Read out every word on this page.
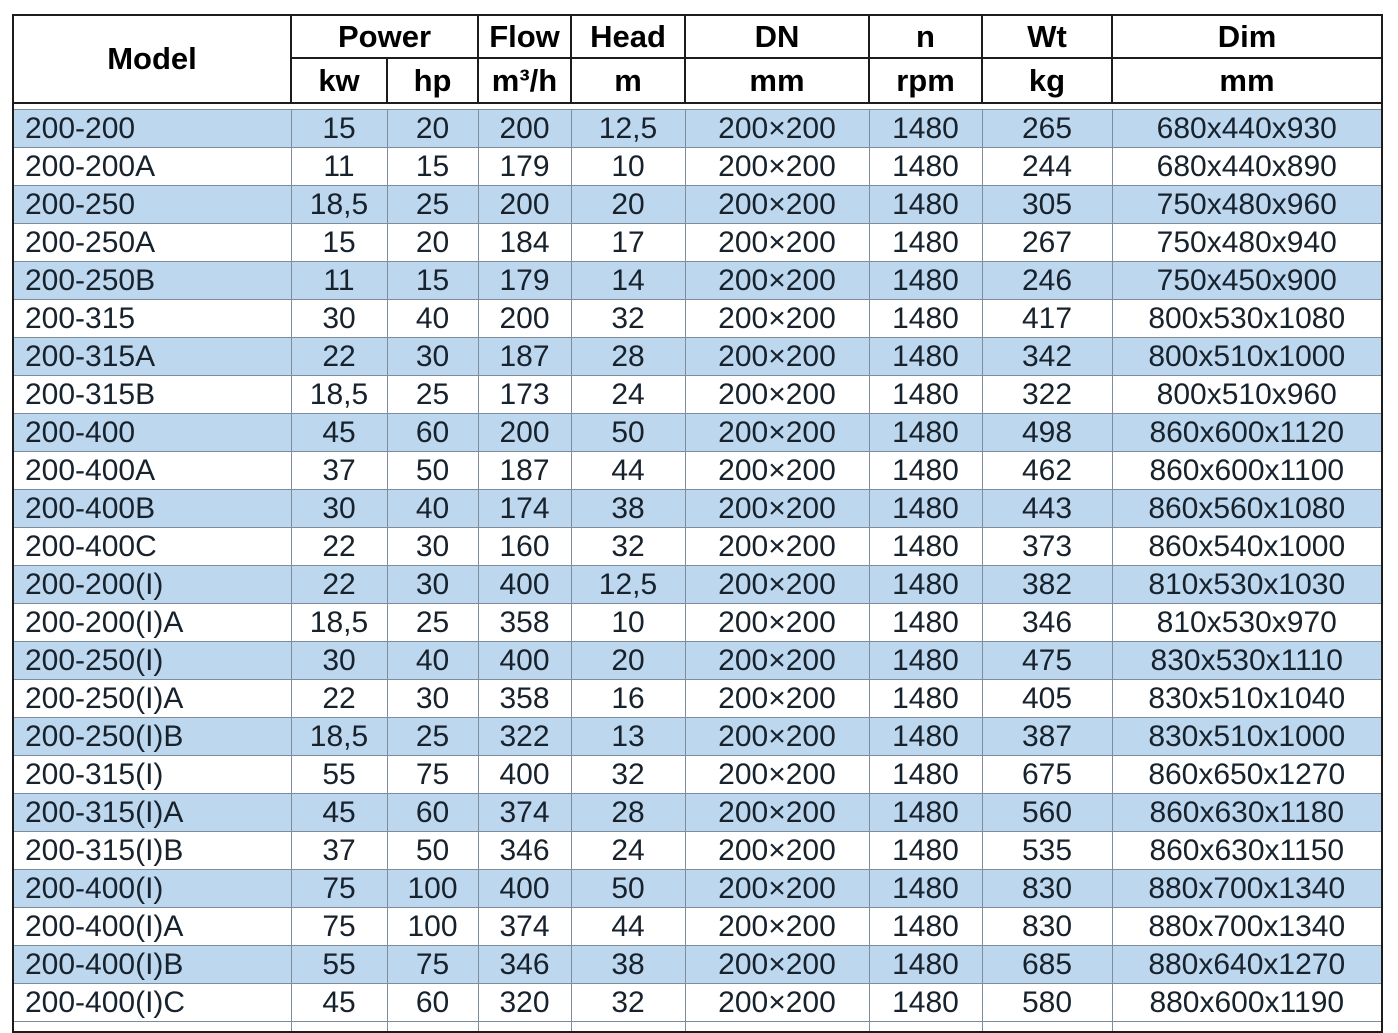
Model	Power		Flow	Head	DN	n	Wt	Dim
	kw	hp	m³/h	m	mm	rpm	kg	mm

200-200	15	20	200	12,5	200×200	1480	265	680x440x930
200-200A	11	15	179	10	200×200	1480	244	680x440x890
200-250	18,5	25	200	20	200×200	1480	305	750x480x960
200-250A	15	20	184	17	200×200	1480	267	750x480x940
200-250B	11	15	179	14	200×200	1480	246	750x450x900
200-315	30	40	200	32	200×200	1480	417	800x530x1080
200-315A	22	30	187	28	200×200	1480	342	800x510x1000
200-315B	18,5	25	173	24	200×200	1480	322	800x510x960
200-400	45	60	200	50	200×200	1480	498	860x600x1120
200-400A	37	50	187	44	200×200	1480	462	860x600x1100
200-400B	30	40	174	38	200×200	1480	443	860x560x1080
200-400C	22	30	160	32	200×200	1480	373	860x540x1000
200-200(I)	22	30	400	12,5	200×200	1480	382	810x530x1030
200-200(I)A	18,5	25	358	10	200×200	1480	346	810x530x970
200-250(I)	30	40	400	20	200×200	1480	475	830x530x1110
200-250(I)A	22	30	358	16	200×200	1480	405	830x510x1040
200-250(I)B	18,5	25	322	13	200×200	1480	387	830x510x1000
200-315(I)	55	75	400	32	200×200	1480	675	860x650x1270
200-315(I)A	45	60	374	28	200×200	1480	560	860x630x1180
200-315(I)B	37	50	346	24	200×200	1480	535	860x630x1150
200-400(I)	75	100	400	50	200×200	1480	830	880x700x1340
200-400(I)A	75	100	374	44	200×200	1480	830	880x700x1340
200-400(I)B	55	75	346	38	200×200	1480	685	880x640x1270
200-400(I)C	45	60	320	32	200×200	1480	580	880x600x1190
